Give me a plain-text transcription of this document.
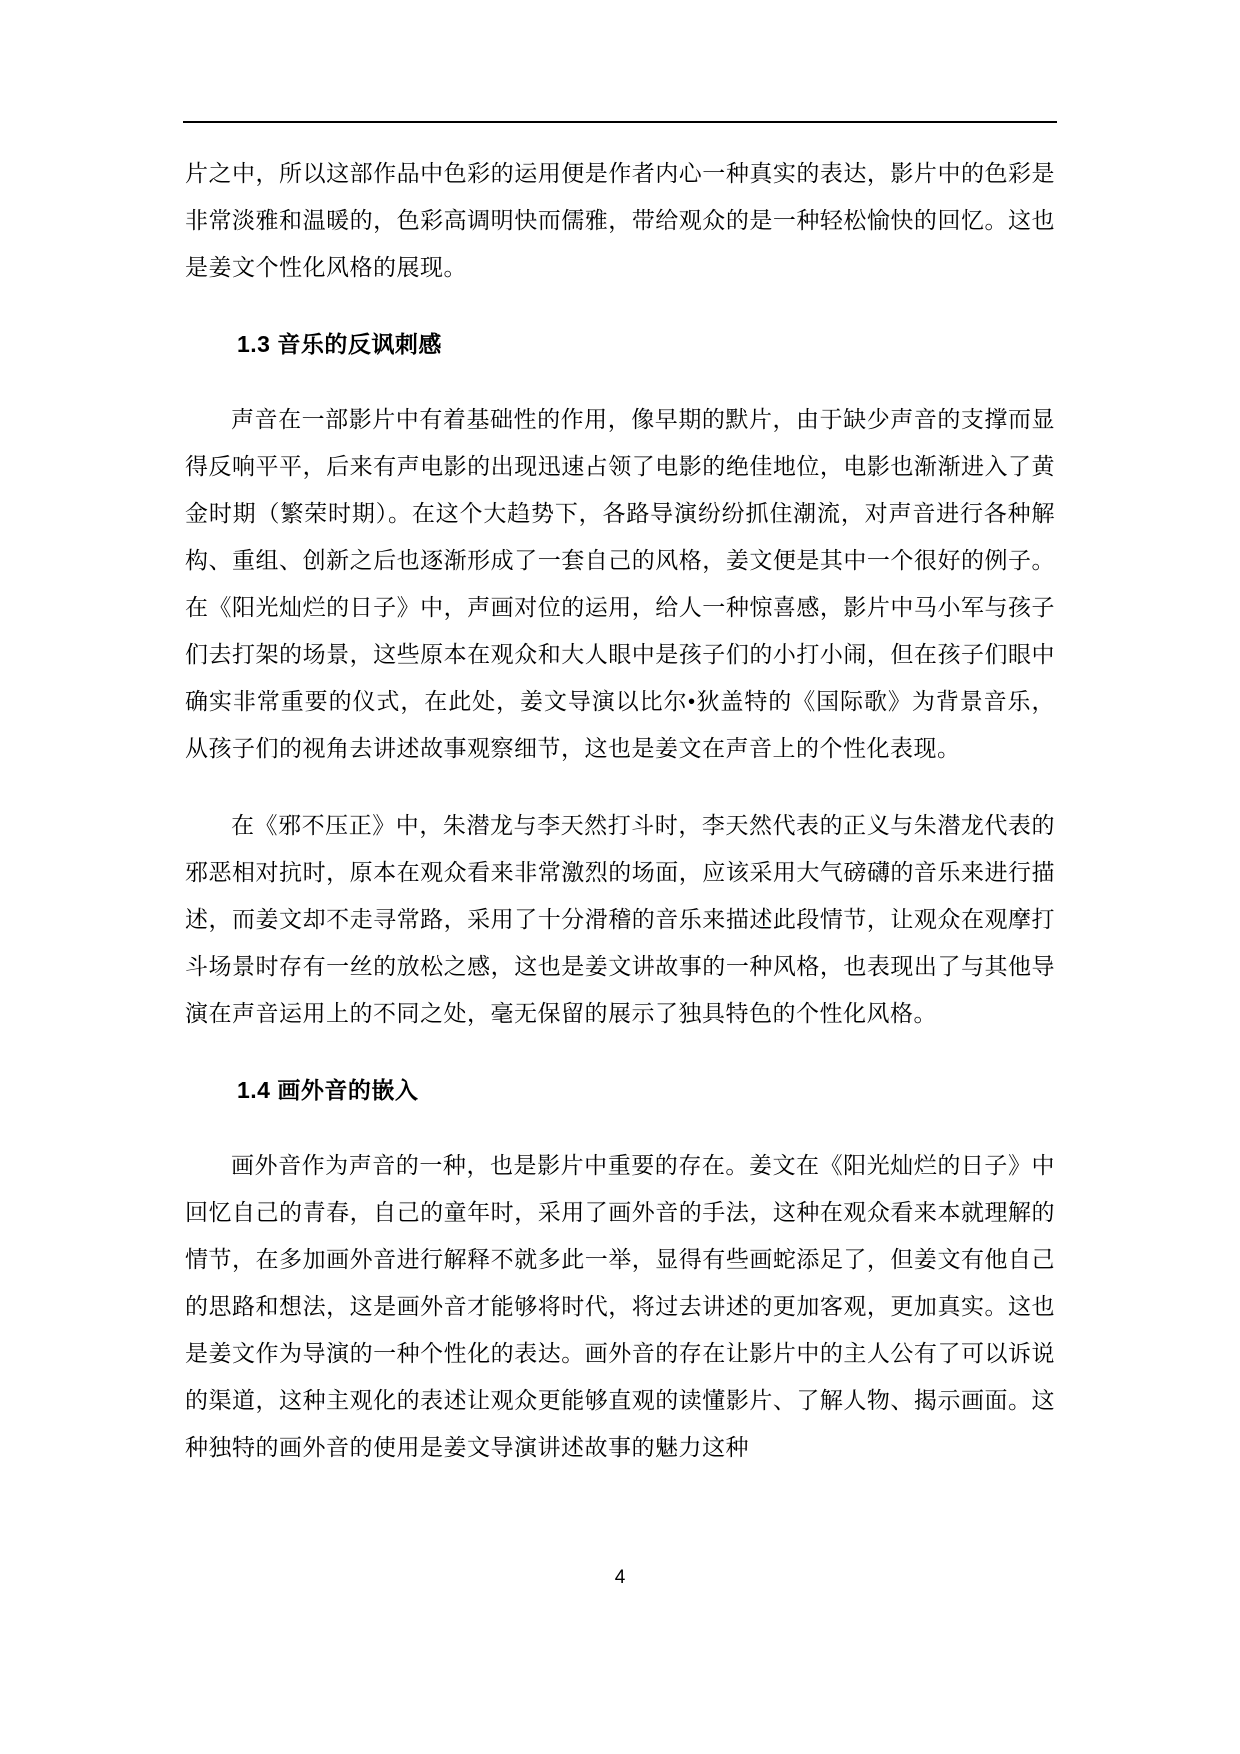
片之中，所以这部作品中色彩的运用便是作者内心一种真实的表达，影片中的色彩是非常淡雅和温暖的，色彩高调明快而儒雅，带给观众的是一种轻松愉快的回忆。这也是姜文个性化风格的展现。

1.3 音乐的反讽刺感

声音在一部影片中有着基础性的作用，像早期的默片，由于缺少声音的支撑而显得反响平平，后来有声电影的出现迅速占领了电影的绝佳地位，电影也渐渐进入了黄金时期（繁荣时期）。在这个大趋势下，各路导演纷纷抓住潮流，对声音进行各种解构、重组、创新之后也逐渐形成了一套自己的风格，姜文便是其中一个很好的例子。在《阳光灿烂的日子》中，声画对位的运用，给人一种惊喜感，影片中马小军与孩子们去打架的场景，这些原本在观众和大人眼中是孩子们的小打小闹，但在孩子们眼中确实非常重要的仪式，在此处，姜文导演以比尔•狄盖特的《国际歌》为背景音乐，从孩子们的视角去讲述故事观察细节，这也是姜文在声音上的个性化表现。

在《邪不压正》中，朱潜龙与李天然打斗时，李天然代表的正义与朱潜龙代表的邪恶相对抗时，原本在观众看来非常激烈的场面，应该采用大气磅礴的音乐来进行描述，而姜文却不走寻常路，采用了十分滑稽的音乐来描述此段情节，让观众在观摩打斗场景时存有一丝的放松之感，这也是姜文讲故事的一种风格，也表现出了与其他导演在声音运用上的不同之处，毫无保留的展示了独具特色的个性化风格。

1.4 画外音的嵌入

画外音作为声音的一种，也是影片中重要的存在。姜文在《阳光灿烂的日子》中回忆自己的青春，自己的童年时，采用了画外音的手法，这种在观众看来本就理解的情节，在多加画外音进行解释不就多此一举，显得有些画蛇添足了，但姜文有他自己的思路和想法，这是画外音才能够将时代，将过去讲述的更加客观，更加真实。这也是姜文作为导演的一种个性化的表达。画外音的存在让影片中的主人公有了可以诉说的渠道，这种主观化的表述让观众更能够直观的读懂影片、了解人物、揭示画面。这种独特的画外音的使用是姜文导演讲述故事的魅力这种

4
